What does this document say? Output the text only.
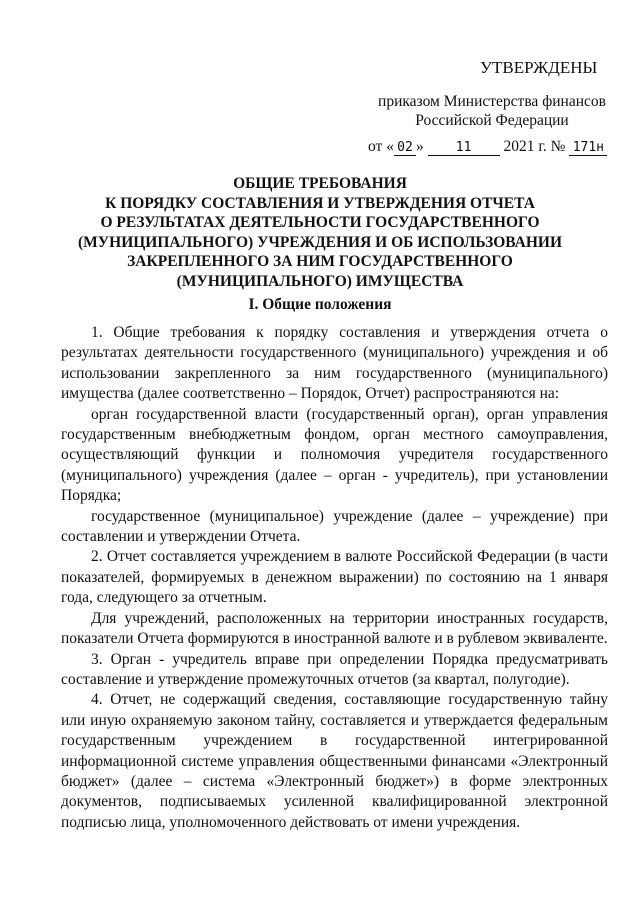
УТВЕРЖДЕНЫ
приказом Министерства финансов
Российской Федерации
от « 02 » 11 2021 г. № 171н
ОБЩИЕ ТРЕБОВАНИЯ
К ПОРЯДКУ СОСТАВЛЕНИЯ И УТВЕРЖДЕНИЯ ОТЧЕТА
О РЕЗУЛЬТАТАХ ДЕЯТЕЛЬНОСТИ ГОСУДАРСТВЕННОГО
(МУНИЦИПАЛЬНОГО) УЧРЕЖДЕНИЯ И ОБ ИСПОЛЬЗОВАНИИ
ЗАКРЕПЛЕННОГО ЗА НИМ ГОСУДАРСТВЕННОГО
(МУНИЦИПАЛЬНОГО) ИМУЩЕСТВА
I. Общие положения

1. Общие требования к порядку составления и утверждения отчета о результатах деятельности государственного (муниципального) учреждения и об использовании закрепленного за ним государственного (муниципального) имущества (далее соответственно – Порядок, Отчет) распространяются на:

орган государственной власти (государственный орган), орган управления государственным внебюджетным фондом, орган местного самоуправления, осуществляющий функции и полномочия учредителя государственного (муниципального) учреждения (далее – орган - учредитель), при установлении Порядка;

государственное (муниципальное) учреждение (далее – учреждение) при составлении и утверждении Отчета.

2. Отчет составляется учреждением в валюте Российской Федерации (в части показателей, формируемых в денежном выражении) по состоянию на 1 января года, следующего за отчетным.

Для учреждений, расположенных на территории иностранных государств, показатели Отчета формируются в иностранной валюте и в рублевом эквиваленте.

3. Орган - учредитель вправе при определении Порядка предусматривать составление и утверждение промежуточных отчетов (за квартал, полугодие).

4. Отчет, не содержащий сведения, составляющие государственную тайну или иную охраняемую законом тайну, составляется и утверждается федеральным государственным учреждением в государственной интегрированной информационной системе управления общественными финансами «Электронный бюджет» (далее – система «Электронный бюджет») в форме электронных документов, подписываемых усиленной квалифицированной электронной подписью лица, уполномоченного действовать от имени учреждения.
